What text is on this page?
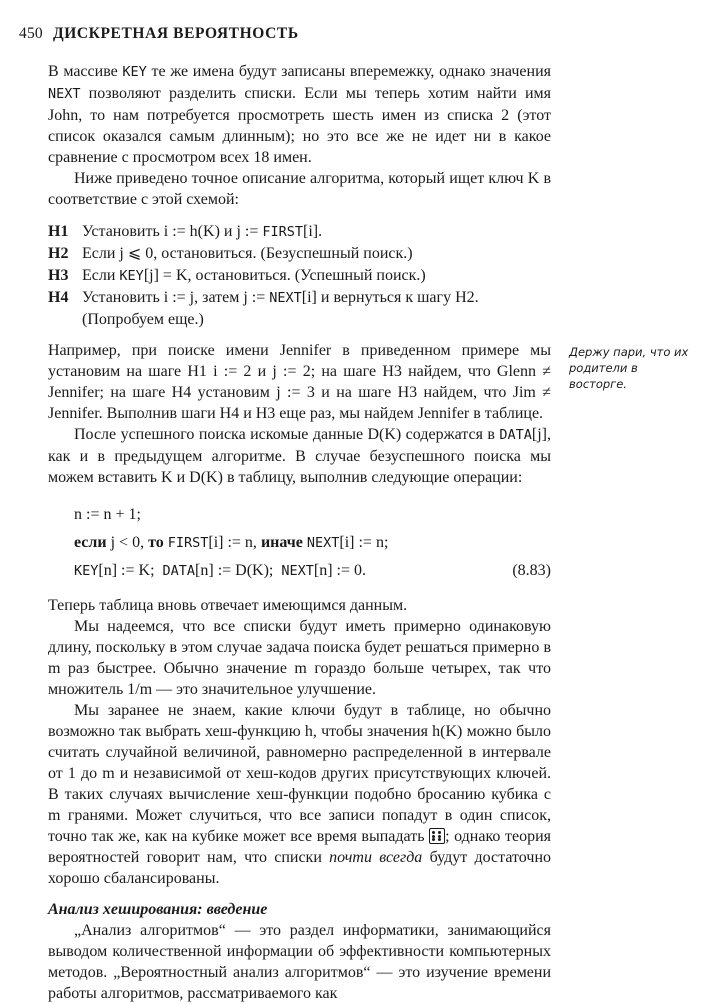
450 ДИСКРЕТНАЯ ВЕРОЯТНОСТЬ

В массиве KEY те же имена будут записаны вперемежку, однако значения NEXT позволяют разделить списки. Если мы теперь хотим найти имя John, то нам потребуется просмотреть шесть имен из списка 2 (этот список оказался самым длинным); но это все же не идет ни в какое сравнение с просмотром всех 18 имен.

Ниже приведено точное описание алгоритма, который ищет ключ K в соответствие с этой схемой:

H1 Установить i := h(K) и j := FIRST[i].
H2 Если j ⩽ 0, остановиться. (Безуспешный поиск.)
H3 Если KEY[j] = K, остановиться. (Успешный поиск.)
H4 Установить i := j, затем j := NEXT[i] и вернуться к шагу H2. (Попробуем еще.)

Например, при поиске имени Jennifer в приведенном примере мы установим на шаге H1 i := 2 и j := 2; на шаге H3 найдем, что Glenn ≠ Jennifer; на шаге H4 установим j := 3 и на шаге H3 найдем, что Jim ≠ Jennifer. Выполнив шаги H4 и H3 еще раз, мы найдем Jennifer в таблице.

После успешного поиска искомые данные D(K) содержатся в DATA[j], как и в предыдущем алгоритме. В случае безуспешного поиска мы можем вставить K и D(K) в таблицу, выполнив следующие операции:

n := n + 1;
если j < 0, то FIRST[i] := n, иначе NEXT[i] := n;
KEY[n] := K; DATA[n] := D(K); NEXT[n] := 0.	(8.83)

Теперь таблица вновь отвечает имеющимся данным.

Мы надеемся, что все списки будут иметь примерно одинаковую длину, поскольку в этом случае задача поиска будет решаться примерно в m раз быстрее. Обычно значение m гораздо больше четырех, так что множитель 1/m — это значительное улучшение.

Мы заранее не знаем, какие ключи будут в таблице, но обычно возможно так выбрать хеш-функцию h, чтобы значения h(K) можно было считать случайной величиной, равномерно распределенной в интервале от 1 до m и независимой от хеш-кодов других присутствующих ключей. В таких случаях вычисление хеш-функции подобно бросанию кубика с m гранями. Может случиться, что все записи попадут в один список, точно так же, как на кубике может все время выпадать
; однако теория вероятностей говорит нам, что списки почти всегда будут достаточно хорошо сбалансированы.

Анализ хеширования: введение

„Анализ алгоритмов“ — это раздел информатики, занимающийся выводом количественной информации об эффективности компьютерных методов. „Вероятностный анализ алгоритмов“ — это изучение времени работы алгоритмов, рассматриваемого как

Держу пари, что их родители в восторге.
